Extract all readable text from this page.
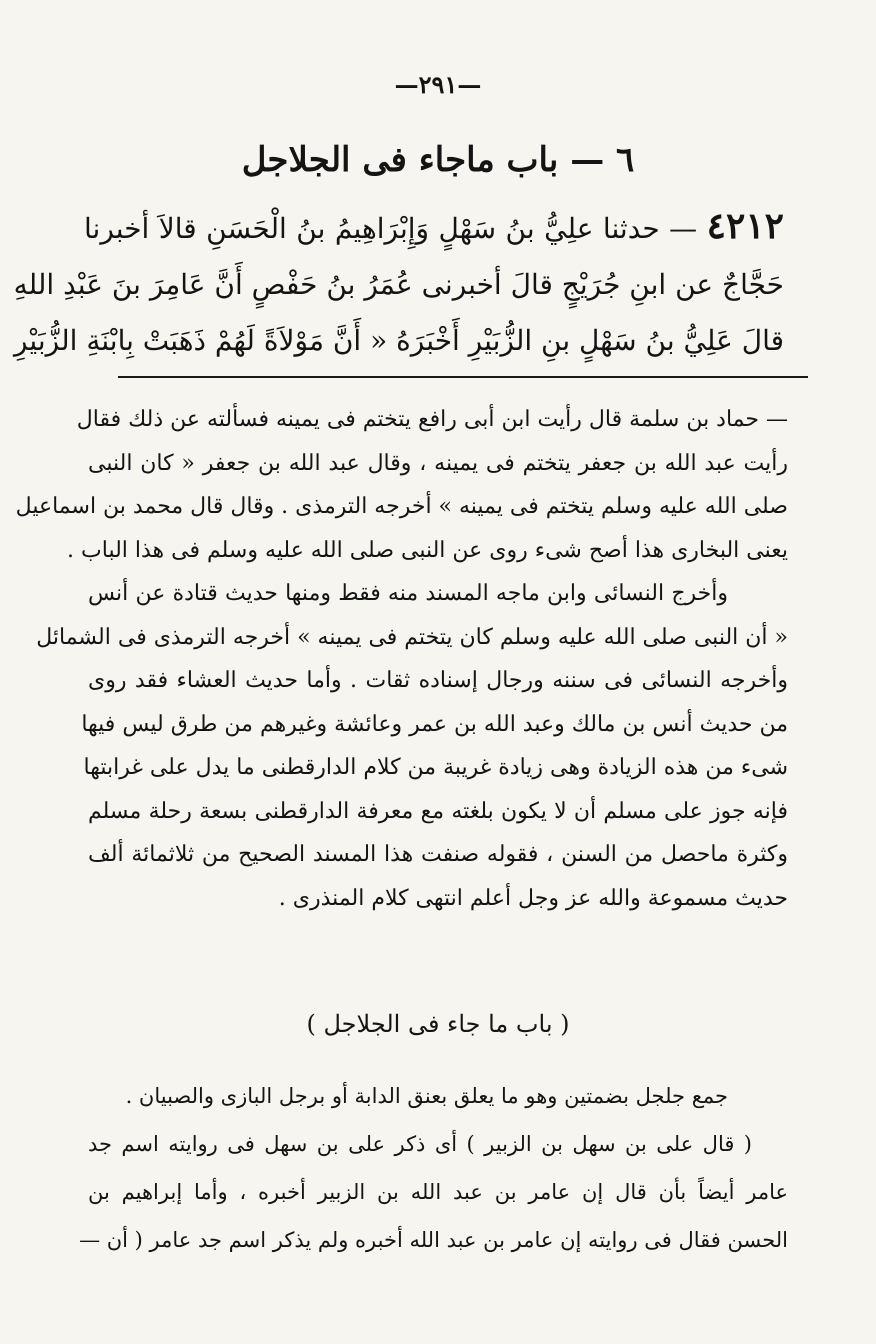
—٢٩١—
٦ — باب ماجاء فى الجلاجل
٤٢١٢ — حدثنا علِيُّ بنُ سَهْلٍ وَإِبْرَاهِيمُ بنُ الْحَسَنِ قالاَ أخبرنا
حَجَّاجٌ عن ابنِ جُرَيْجٍ قالَ أخبرنى عُمَرُ بنُ حَفْصٍ أَنَّ عَامِرَ بنَ عَبْدِ اللهِ
قالَ عَلِيُّ بنُ سَهْلٍ بنِ الزُّبَيْرِ أَخْبَرَهُ « أَنَّ مَوْلاَةً لَهُمْ ذَهَبَتْ بِابْنَةِ الزُّبَيْرِ
— حماد بن سلمة قال رأيت ابن أبى رافع يتختم فى يمينه فسألته عن ذلك فقال
رأيت عبد الله بن جعفر يتختم فى يمينه ، وقال عبد الله بن جعفر « كان النبى
صلى الله عليه وسلم يتختم فى يمينه » أخرجه الترمذى . وقال قال محمد بن اسماعيل
يعنى البخارى هذا أصح شىء روى عن النبى صلى الله عليه وسلم فى هذا الباب .
وأخرج النسائى وابن ماجه المسند منه فقط ومنها حديث قتادة عن أنس
« أن النبى صلى الله عليه وسلم كان يتختم فى يمينه » أخرجه الترمذى فى الشمائل
وأخرجه النسائى فى سننه ورجال إسناده ثقات . وأما حديث العشاء فقد روى
من حديث أنس بن مالك وعبد الله بن عمر وعائشة وغيرهم من طرق ليس فيها
شىء من هذه الزيادة وهى زيادة غريبة من كلام الدارقطنى ما يدل على غرابتها
فإنه جوز على مسلم أن لا يكون بلغته مع معرفة الدارقطنى بسعة رحلة مسلم
وكثرة ماحصل من السنن ، فقوله صنفت هذا المسند الصحيح من ثلاثمائة ألف
حديث مسموعة والله عز وجل أعلم انتهى كلام المنذرى .
( باب ما جاء فى الجلاجل )
جمع جلجل بضمتين وهو ما يعلق بعنق الدابة أو برجل البازى والصبيان .
( قال على بن سهل بن الزبير ) أى ذكر على بن سهل فى روايته اسم جد
عامر أيضاً بأن قال إن عامر بن عبد الله بن الزبير أخبره ، وأما إبراهيم بن
الحسن فقال فى روايته إن عامر بن عبد الله أخبره ولم يذكر اسم جد عامر ( أن —
